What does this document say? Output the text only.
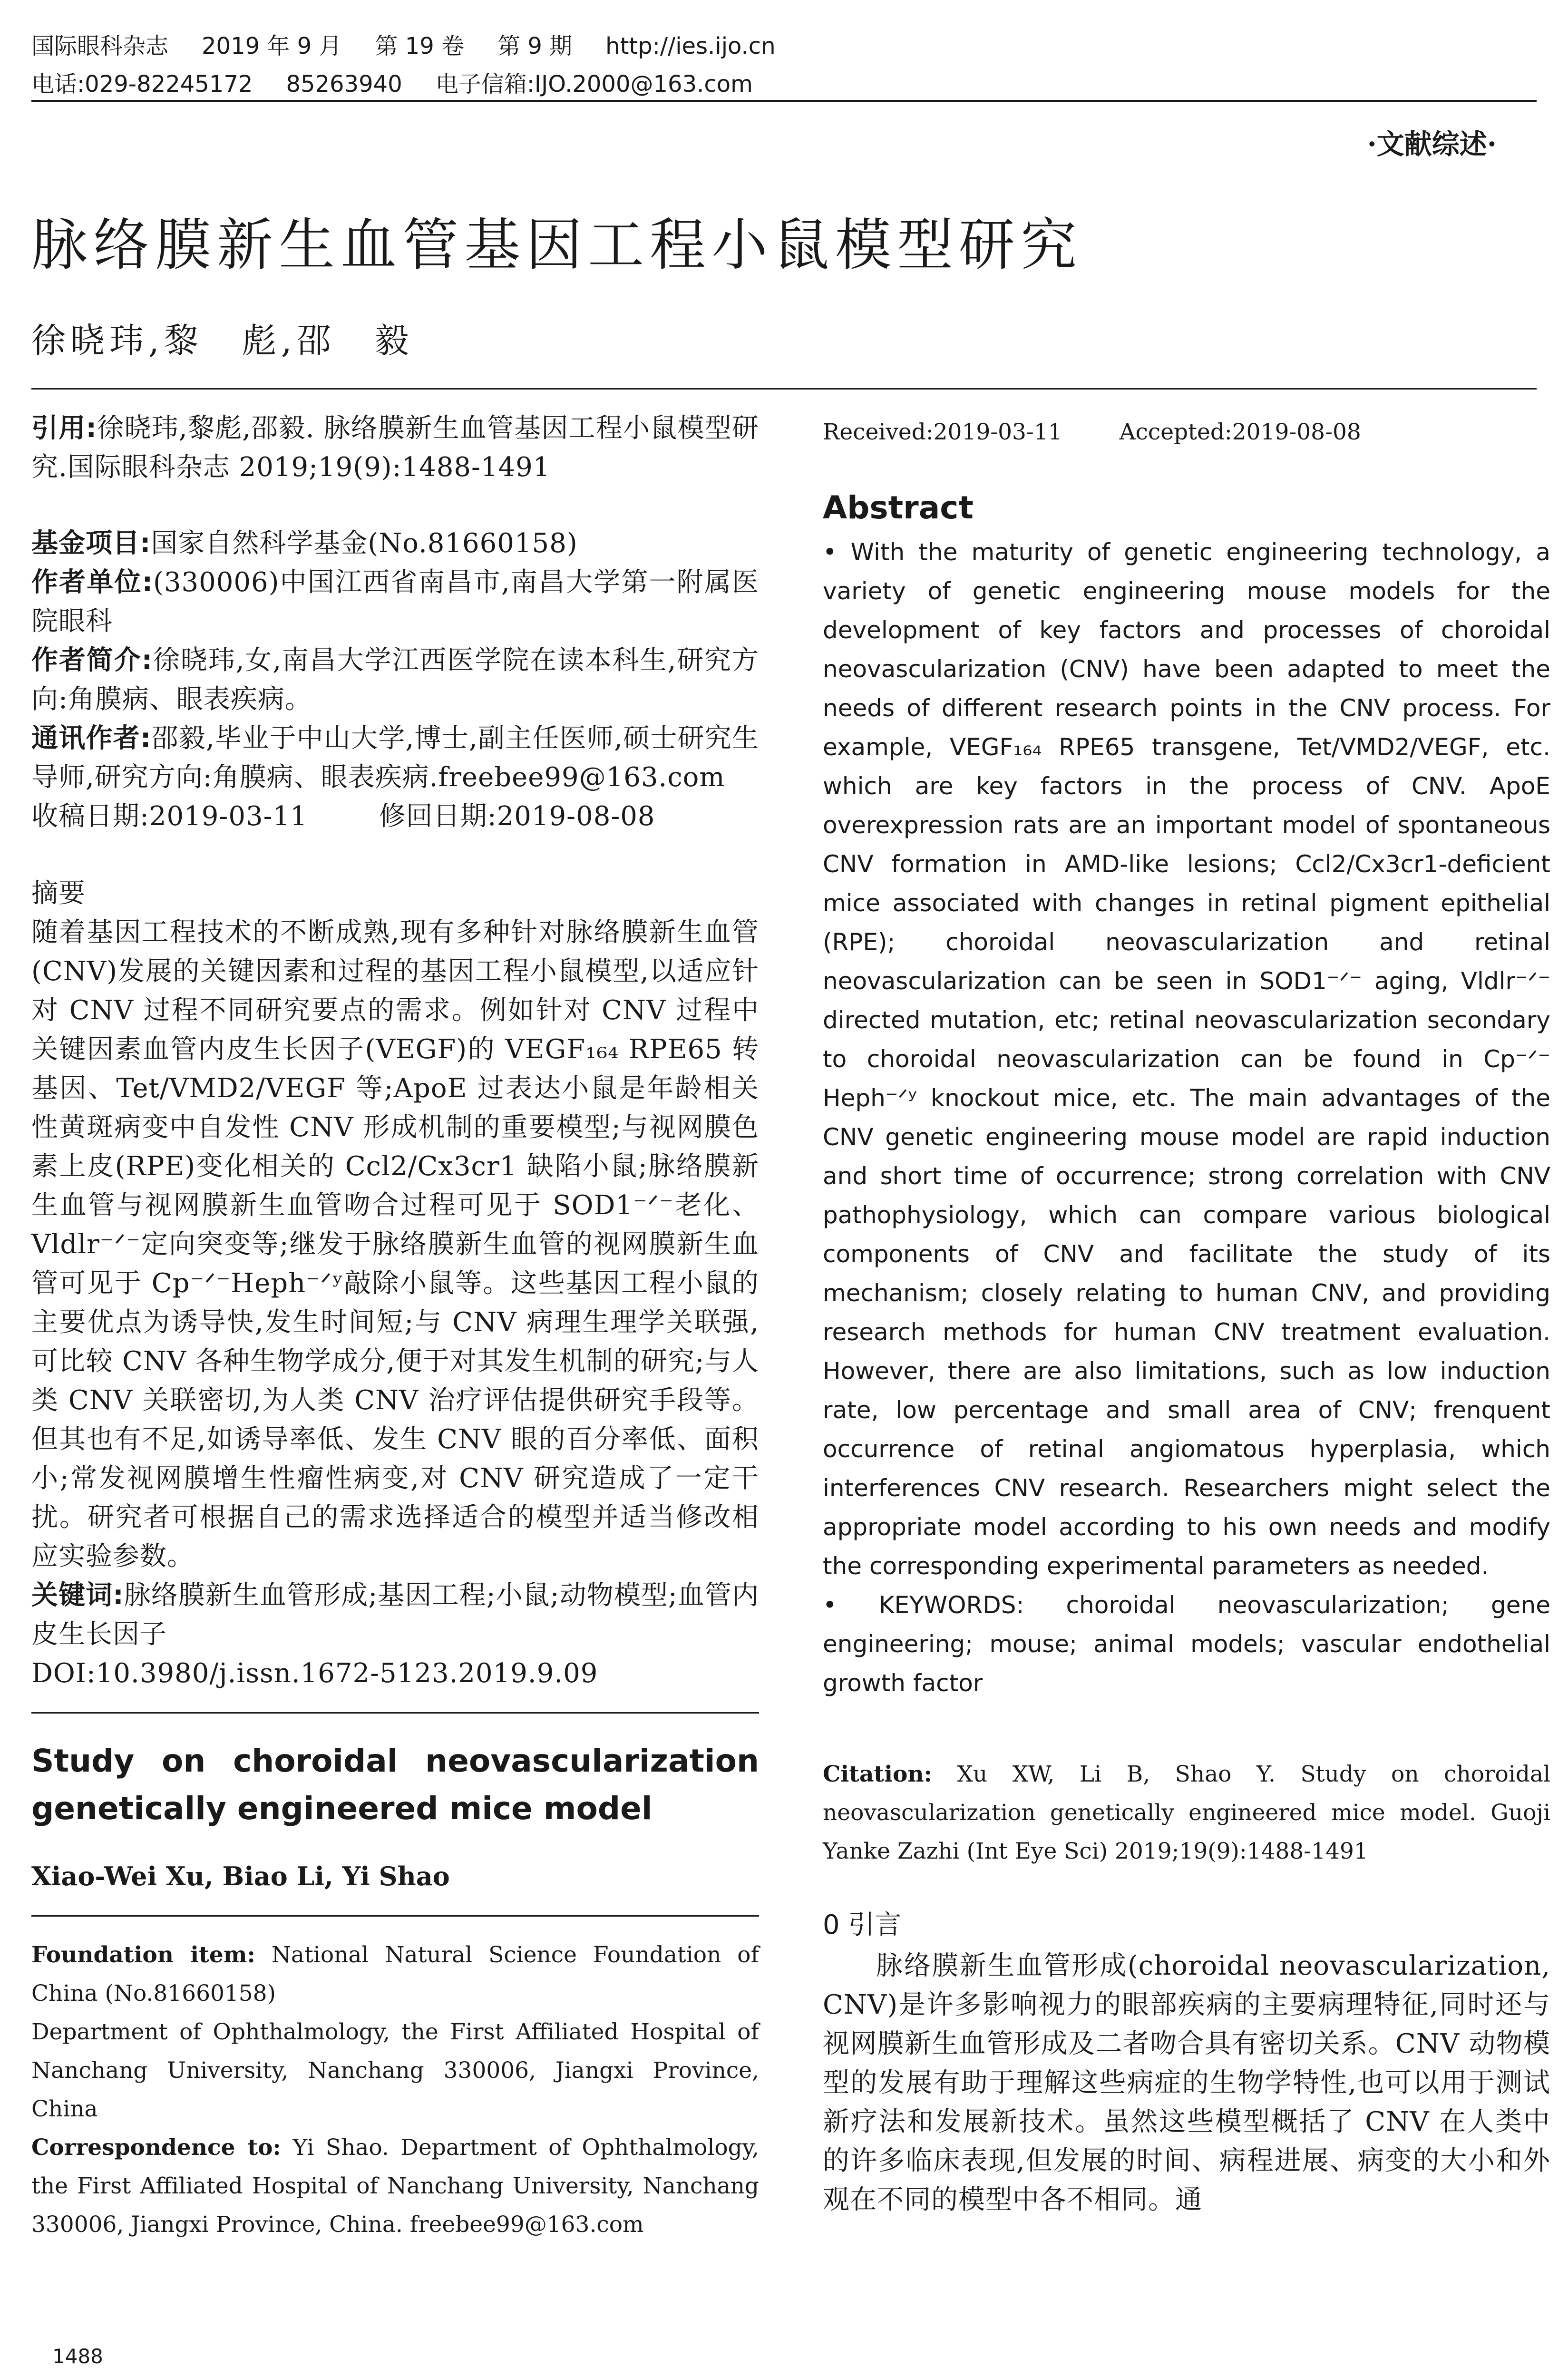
国际眼科杂志 2019 年 9 月 第 19 卷 第 9 期 http://ies.ijo.cn
电话:029-82245172 85263940 电子信箱:IJO.2000@163.com
·文献综述·
脉络膜新生血管基因工程小鼠模型研究
徐晓玮,黎　彪,邵　毅

引用:徐晓玮,黎彪,邵毅. 脉络膜新生血管基因工程小鼠模型研究.国际眼科杂志 2019;19(9):1488-1491

基金项目:国家自然科学基金(No.81660158)

作者单位:(330006)中国江西省南昌市,南昌大学第一附属医院眼科

作者简介:徐晓玮,女,南昌大学江西医学院在读本科生,研究方向:角膜病、眼表疾病。

通讯作者:邵毅,毕业于中山大学,博士,副主任医师,硕士研究生导师,研究方向:角膜病、眼表疾病.freebee99@163.com

收稿日期:2019-03-11	修回日期:2019-08-08

摘要

随着基因工程技术的不断成熟,现有多种针对脉络膜新生血管(CNV)发展的关键因素和过程的基因工程小鼠模型,以适应针对 CNV 过程不同研究要点的需求。例如针对 CNV 过程中关键因素血管内皮生长因子(VEGF)的 VEGF₁₆₄ RPE65 转基因、Tet/VMD2/VEGF 等;ApoE 过表达小鼠是年龄相关性黄斑病变中自发性 CNV 形成机制的重要模型;与视网膜色素上皮(RPE)变化相关的 Ccl2/Cx3cr1 缺陷小鼠;脉络膜新生血管与视网膜新生血管吻合过程可见于 SOD1⁻ᐟ⁻老化、Vldlr⁻ᐟ⁻定向突变等;继发于脉络膜新生血管的视网膜新生血管可见于 Cp⁻ᐟ⁻Heph⁻ᐟʸ敲除小鼠等。这些基因工程小鼠的主要优点为诱导快,发生时间短;与 CNV 病理生理学关联强,可比较 CNV 各种生物学成分,便于对其发生机制的研究;与人类 CNV 关联密切,为人类 CNV 治疗评估提供研究手段等。但其也有不足,如诱导率低、发生 CNV 眼的百分率低、面积小;常发视网膜增生性瘤性病变,对 CNV 研究造成了一定干扰。研究者可根据自己的需求选择适合的模型并适当修改相应实验参数。

关键词:脉络膜新生血管形成;基因工程;小鼠;动物模型;血管内皮生长因子

DOI:10.3980/j.issn.1672-5123.2019.9.09

Study on choroidal neovascularization genetically engineered mice model

Xiao-Wei Xu, Biao Li, Yi Shao

Foundation item: National Natural Science Foundation of China (No.81660158)

Department of Ophthalmology, the First Affiliated Hospital of Nanchang University, Nanchang 330006, Jiangxi Province, China

Correspondence to: Yi Shao. Department of Ophthalmology, the First Affiliated Hospital of Nanchang University, Nanchang 330006, Jiangxi Province, China. freebee99@163.com

Received:2019-03-11	Accepted:2019-08-08

Abstract

• With the maturity of genetic engineering technology, a variety of genetic engineering mouse models for the development of key factors and processes of choroidal neovascularization (CNV) have been adapted to meet the needs of different research points in the CNV process. For example, VEGF₁₆₄ RPE65 transgene, Tet/VMD2/VEGF, etc. which are key factors in the process of CNV. ApoE overexpression rats are an important model of spontaneous CNV formation in AMD-like lesions; Ccl2/Cx3cr1-deficient mice associated with changes in retinal pigment epithelial (RPE); choroidal neovascularization and retinal neovascularization can be seen in SOD1⁻ᐟ⁻ aging, Vldlr⁻ᐟ⁻ directed mutation, etc; retinal neovascularization secondary to choroidal neovascularization can be found in Cp⁻ᐟ⁻ Heph⁻ᐟʸ knockout mice, etc. The main advantages of the CNV genetic engineering mouse model are rapid induction and short time of occurrence; strong correlation with CNV pathophysiology, which can compare various biological components of CNV and facilitate the study of its mechanism; closely relating to human CNV, and providing research methods for human CNV treatment evaluation. However, there are also limitations, such as low induction rate, low percentage and small area of CNV; frenquent occurrence of retinal angiomatous hyperplasia, which interferences CNV research. Researchers might select the appropriate model according to his own needs and modify the corresponding experimental parameters as needed.

• KEYWORDS: choroidal neovascularization; gene engineering; mouse; animal models; vascular endothelial growth factor

Citation: Xu XW, Li B, Shao Y. Study on choroidal neovascularization genetically engineered mice model. Guoji Yanke Zazhi (Int Eye Sci) 2019;19(9):1488-1491

0 引言

脉络膜新生血管形成(choroidal neovascularization, CNV)是许多影响视力的眼部疾病的主要病理特征,同时还与视网膜新生血管形成及二者吻合具有密切关系。CNV 动物模型的发展有助于理解这些病症的生物学特性,也可以用于测试新疗法和发展新技术。虽然这些模型概括了 CNV 在人类中的许多临床表现,但发展的时间、病程进展、病变的大小和外观在不同的模型中各不相同。通

1488
